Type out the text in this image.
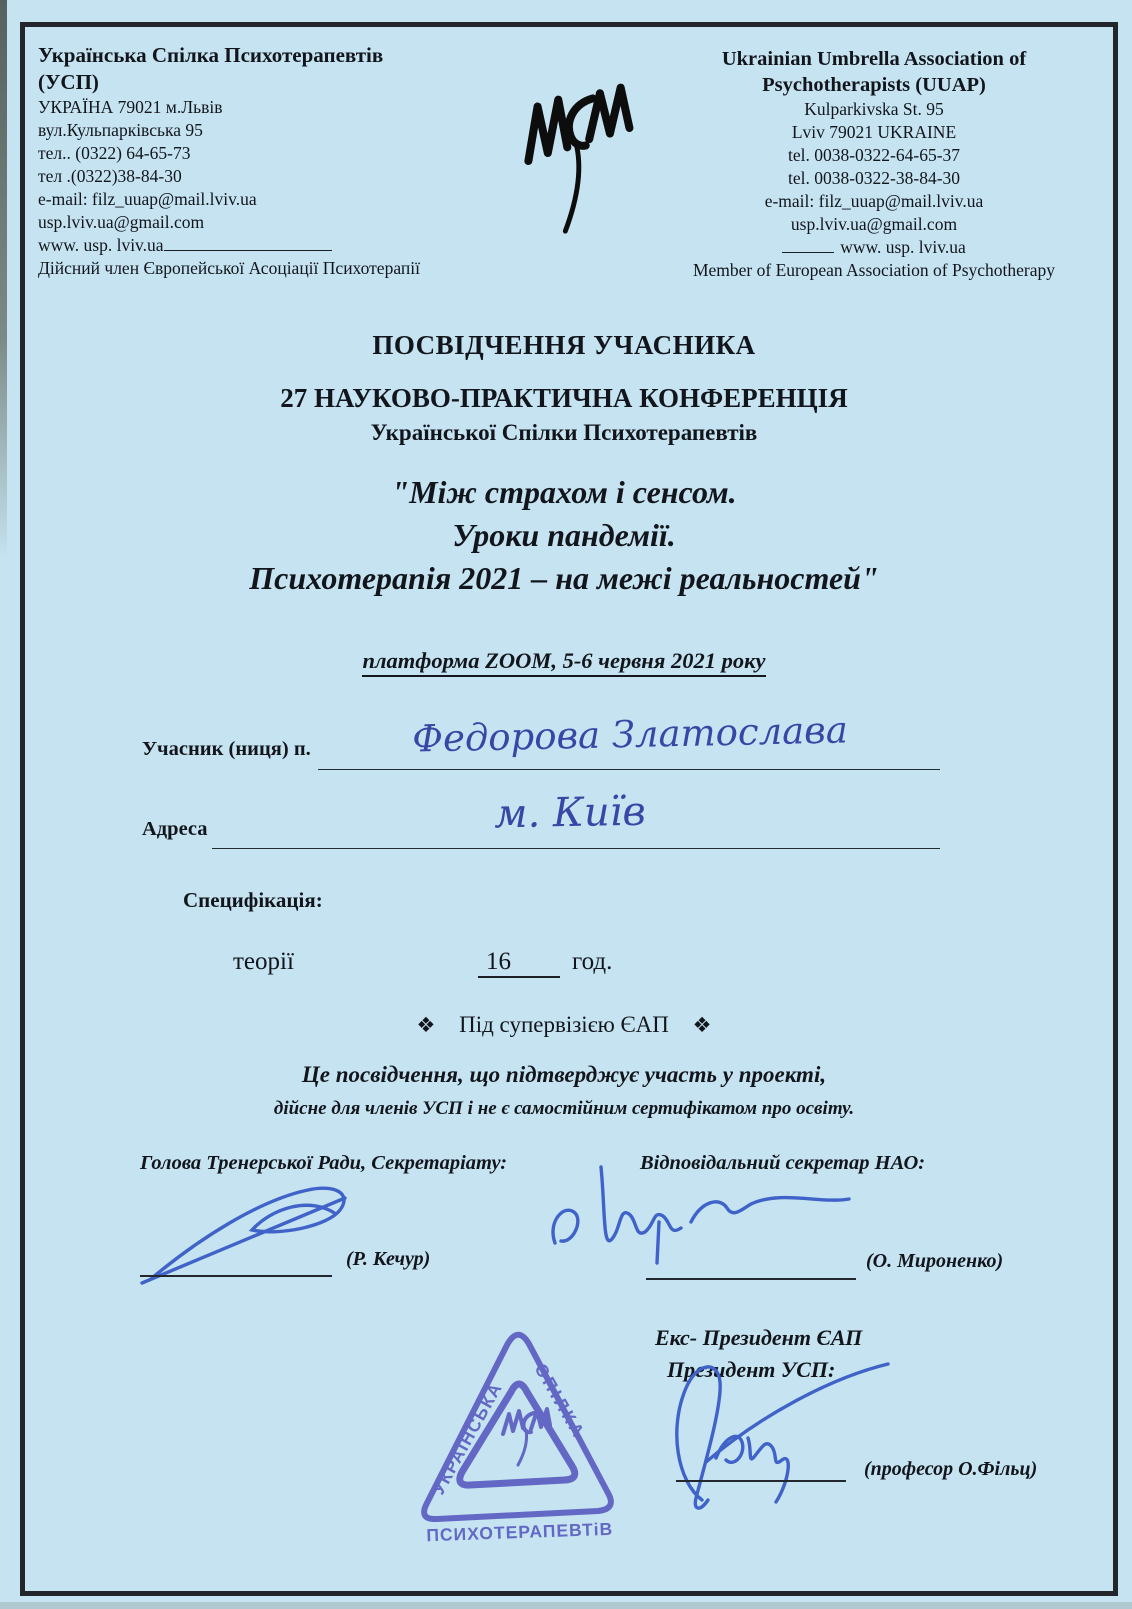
Українська Спілка Психотерапевтів
(УСП)
УКРАЇНА 79021 м.Львів
вул.Кульпарківська 95
тел.. (0322) 64-65-73
тел .(0322)38-84-30
e-mail: filz_uuap@mail.lviv.ua
usp.lviv.ua@gmail.com
www. usp. lviv.ua
Дійсний член Європейської Асоціації Психотерапії
Ukrainian Umbrella Association of
Psychotherapists (UUAP)
Kulparkivska St. 95
Lviv 79021 UKRAINE
tel. 0038-0322-64-65-37
tel. 0038-0322-38-84-30
e-mail: filz_uuap@mail.lviv.ua
usp.lviv.ua@gmail.com
www. usp. lviv.ua
Member of European Association of Psychotherapy
ПОСВІДЧЕННЯ УЧАСНИКА
27 НАУКОВО-ПРАКТИЧНА КОНФЕРЕНЦІЯ
Української Спілки Психотерапевтів
"Між страхом і сенсом.
Уроки пандемії.
Психотерапія 2021 – на межі реальностей"
платформа ZOOM, 5-6 червня 2021 року
Учасник (ниця) п.	Федорова Златослава
Адреса	м. Київ
Специфікація:
теорії	16	год.
❖ Під супервізією ЄАП ❖
Це посвідчення, що підтверджує участь у проекті,
дійсне для членів УСП і не є самостійним сертифікатом про освіту.
Голова Тренерської Ради, Секретаріату:	Відповідальний секретар НАО:
(Р. Кечур)	(О. Мироненко)
УКРАЇНСЬКА СПІЛКА
ПСИХОТЕРАПЕВТіВ
Екс- Президент ЄАП
Президент УСП:
(професор О.Фільц)
